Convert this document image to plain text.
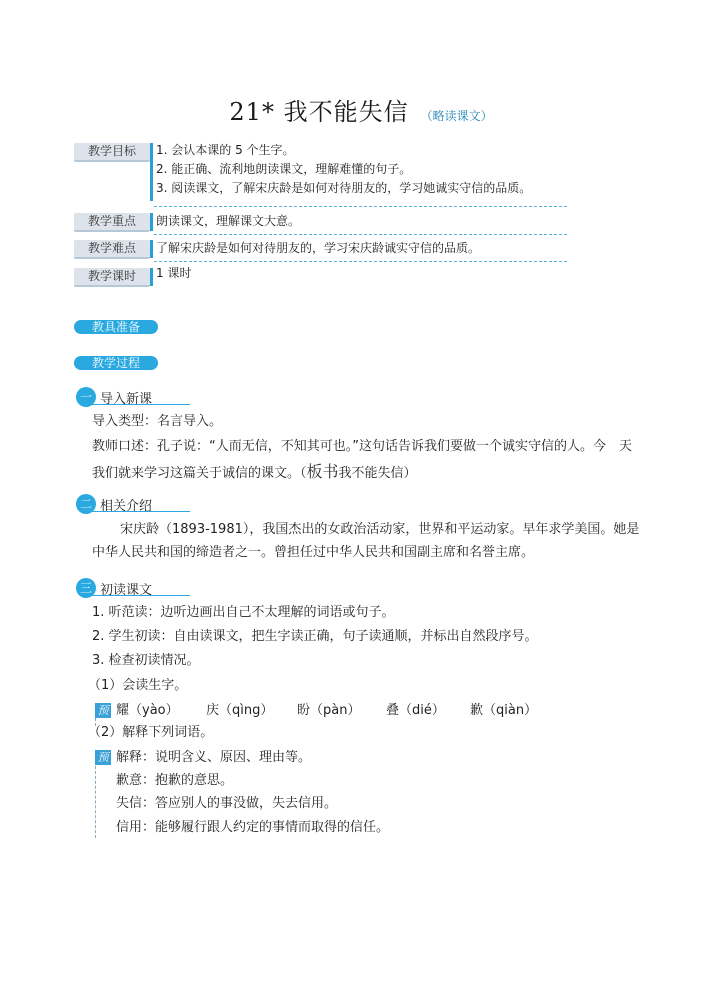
21* 我不能失信 （略读课文）
教学目标	1. 会认本课的 5 个生字。
2. 能正确、流利地朗读课文，理解难懂的句子。
3. 阅读课文，了解宋庆龄是如何对待朋友的，学习她诚实守信的品质。
教学重点	朗读课文，理解课文大意。
教学难点	了解宋庆龄是如何对待朋友的，学习宋庆龄诚实守信的品质。
教学课时	1 课时
教具准备
教学过程
一 导入新课
导入类型：名言导入。
教师口述：孔子说：“人而无信，不知其可也。”这句话告诉我们要做一个诚实守信的人。今　天
我们就来学习这篇关于诚信的课文。（板书我不能失信）
二 相关介绍
宋庆龄（1893-1981），我国杰出的女政治活动家，世界和平运动家。早年求学美国。她是
中华人民共和国的缔造者之一。曾担任过中华人民共和国副主席和名誉主席。
三 初读课文
1. 听范读：边听边画出自己不太理解的词语或句子。
2. 学生初读：自由读课文，把生字读正确，句子读通顺，并标出自然段序号。
3. 检查初读情况。
（1）会读生字。
预 耀（yào） 庆（qìng） 盼（pàn） 叠（dié） 歉（qiàn）
（2）解释下列词语。
预 解释：说明含义、原因、理由等。
歉意：抱歉的意思。
失信：答应别人的事没做，失去信用。
信用：能够履行跟人约定的事情而取得的信任。
